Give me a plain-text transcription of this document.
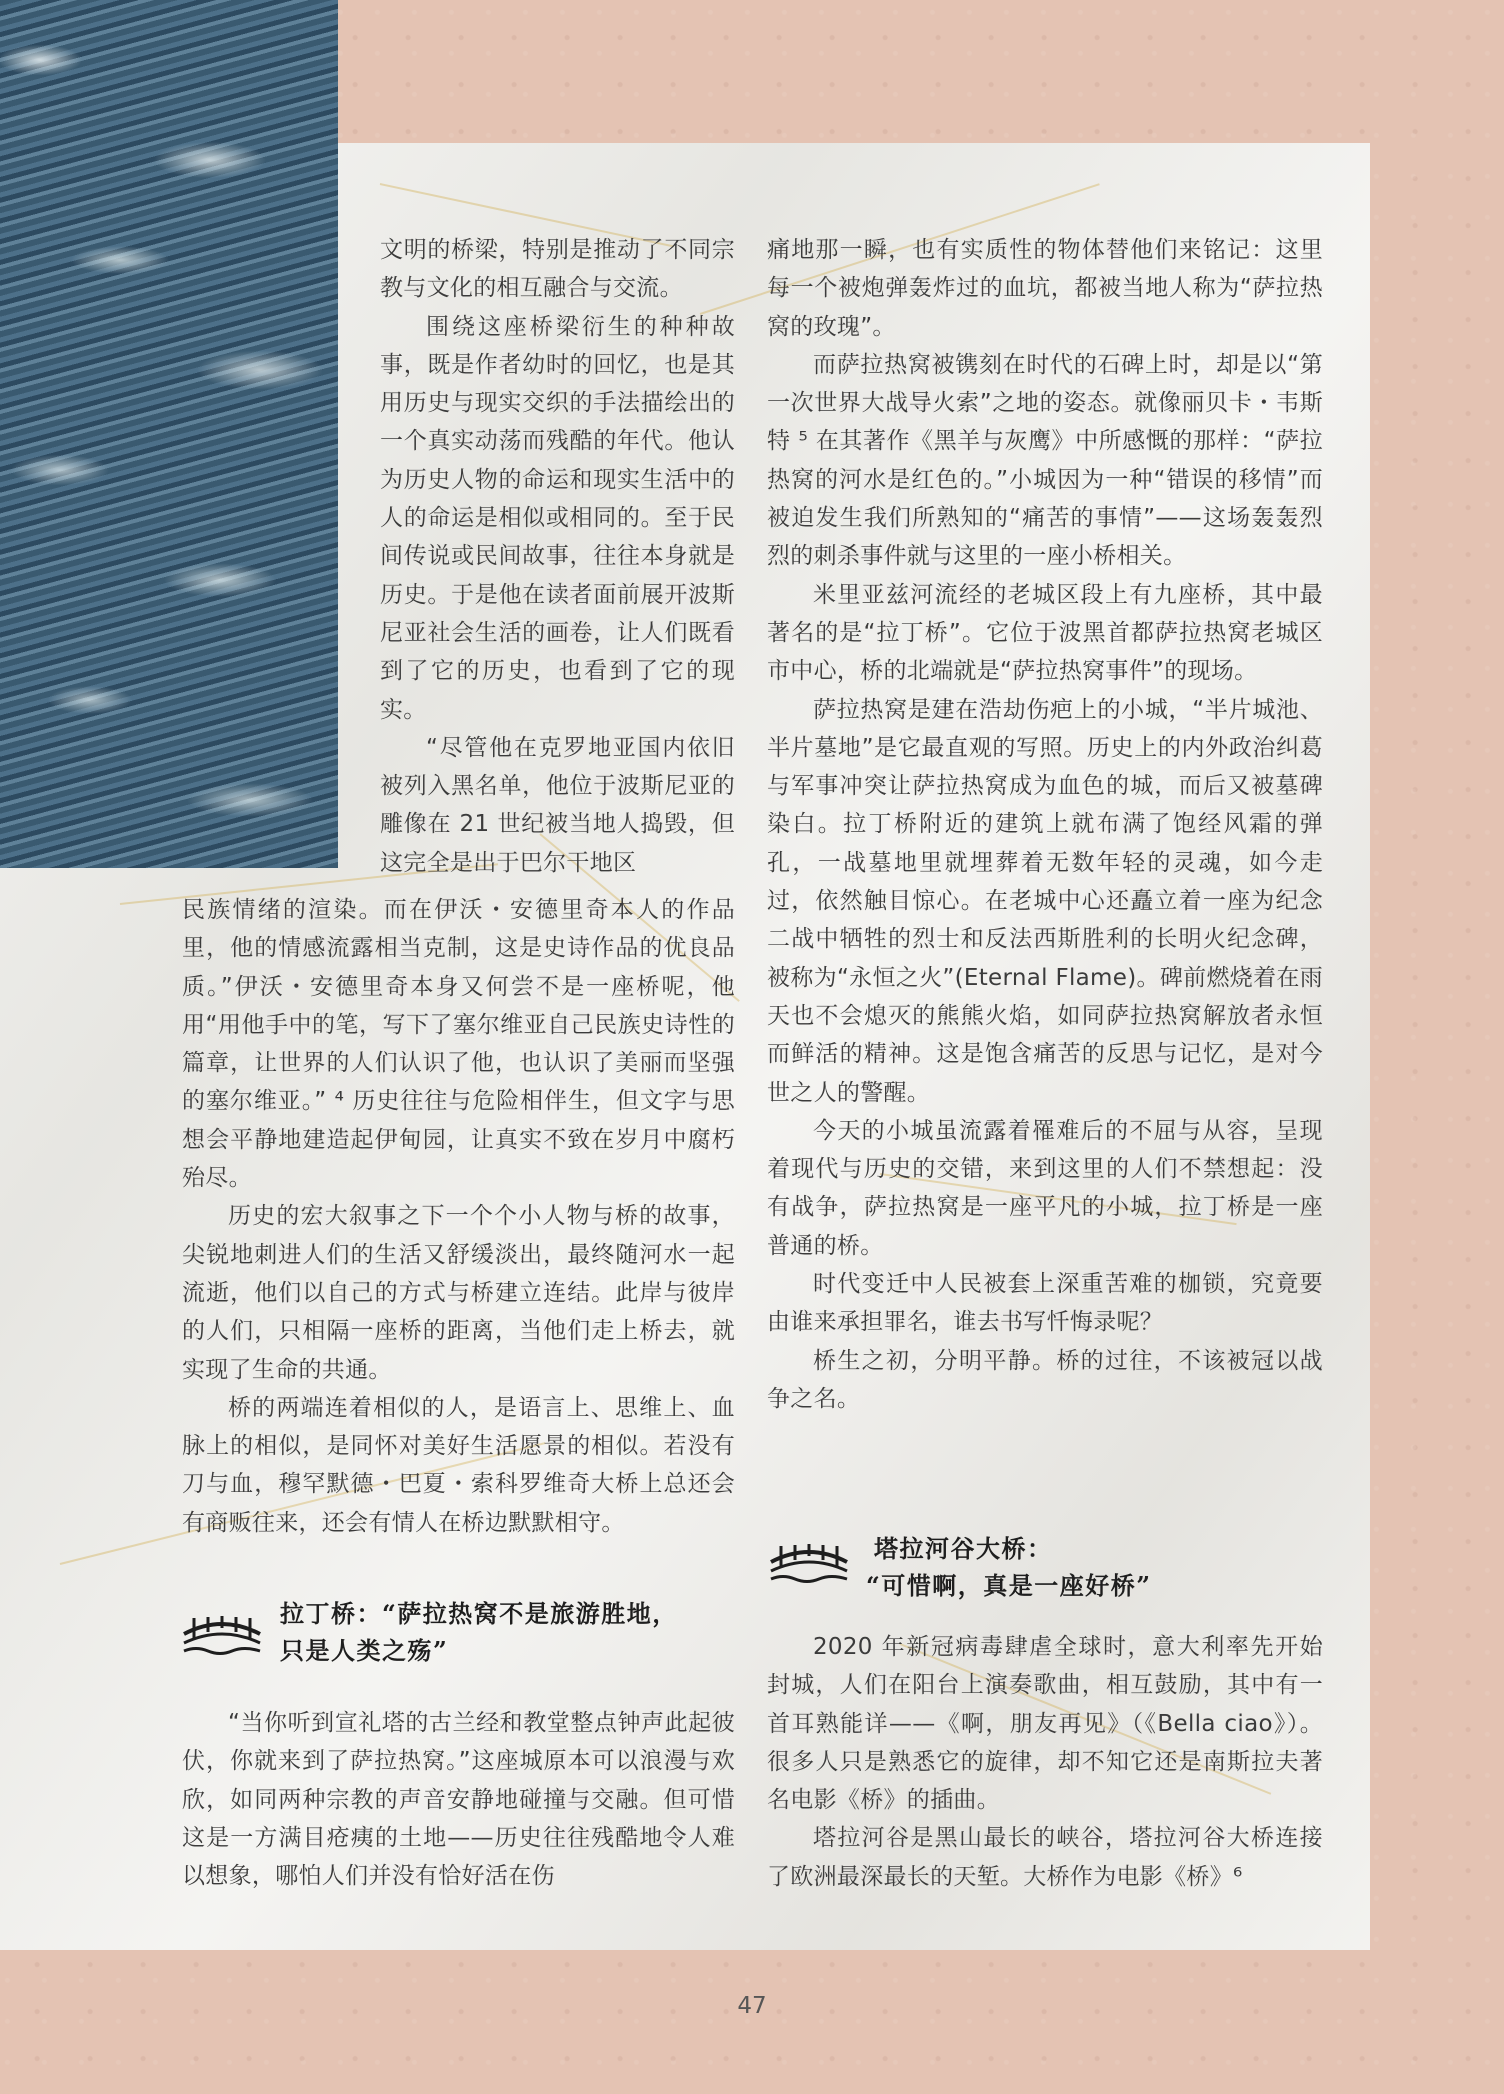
文明的桥梁，特别是推动了不同宗教与文化的相互融合与交流。

围绕这座桥梁衍生的种种故事，既是作者幼时的回忆，也是其用历史与现实交织的手法描绘出的一个真实动荡而残酷的年代。他认为历史人物的命运和现实生活中的人的命运是相似或相同的。至于民间传说或民间故事，往往本身就是历史。于是他在读者面前展开波斯尼亚社会生活的画卷，让人们既看到了它的历史，也看到了它的现实。

“尽管他在克罗地亚国内依旧被列入黑名单，他位于波斯尼亚的雕像在 21 世纪被当地人捣毁，但这完全是出于巴尔干地区

民族情绪的渲染。而在伊沃・安德里奇本人的作品里，他的情感流露相当克制，这是史诗作品的优良品质。”伊沃・安德里奇本身又何尝不是一座桥呢，他用“用他手中的笔，写下了塞尔维亚自己民族史诗性的篇章，让世界的人们认识了他，也认识了美丽而坚强的塞尔维亚。” ⁴ 历史往往与危险相伴生，但文字与思想会平静地建造起伊甸园，让真实不致在岁月中腐朽殆尽。

历史的宏大叙事之下一个个小人物与桥的故事，尖锐地刺进人们的生活又舒缓淡出，最终随河水一起流逝，他们以自己的方式与桥建立连结。此岸与彼岸的人们，只相隔一座桥的距离，当他们走上桥去，就实现了生命的共通。

桥的两端连着相似的人，是语言上、思维上、血脉上的相似，是同怀对美好生活愿景的相似。若没有刀与血，穆罕默德・巴夏・索科罗维奇大桥上总还会有商贩往来，还会有情人在桥边默默相守。

拉丁桥：“萨拉热窝不是旅游胜地，
只是人类之殇”

“当你听到宣礼塔的古兰经和教堂整点钟声此起彼伏，你就来到了萨拉热窝。”这座城原本可以浪漫与欢欣，如同两种宗教的声音安静地碰撞与交融。但可惜这是一方满目疮痍的土地——历史往往残酷地令人难以想象，哪怕人们并没有恰好活在伤

痛地那一瞬，也有实质性的物体替他们来铭记：这里每一个被炮弹轰炸过的血坑，都被当地人称为“萨拉热窝的玫瑰”。

而萨拉热窝被镌刻在时代的石碑上时，却是以“第一次世界大战导火索”之地的姿态。就像丽贝卡・韦斯特 ⁵ 在其著作《黑羊与灰鹰》中所感慨的那样：“萨拉热窝的河水是红色的。”小城因为一种“错误的移情”而被迫发生我们所熟知的“痛苦的事情”——这场轰轰烈烈的刺杀事件就与这里的一座小桥相关。

米里亚兹河流经的老城区段上有九座桥，其中最著名的是“拉丁桥”。它位于波黑首都萨拉热窝老城区市中心，桥的北端就是“萨拉热窝事件”的现场。

萨拉热窝是建在浩劫伤疤上的小城，“半片城池、半片墓地”是它最直观的写照。历史上的内外政治纠葛与军事冲突让萨拉热窝成为血色的城，而后又被墓碑染白。拉丁桥附近的建筑上就布满了饱经风霜的弹孔，一战墓地里就埋葬着无数年轻的灵魂，如今走过，依然触目惊心。在老城中心还矗立着一座为纪念二战中牺牲的烈士和反法西斯胜利的长明火纪念碑，被称为“永恒之火”(Eternal Flame)。碑前燃烧着在雨天也不会熄灭的熊熊火焰，如同萨拉热窝解放者永恒而鲜活的精神。这是饱含痛苦的反思与记忆，是对今世之人的警醒。

今天的小城虽流露着罹难后的不屈与从容，呈现着现代与历史的交错，来到这里的人们不禁想起：没有战争，萨拉热窝是一座平凡的小城，拉丁桥是一座普通的桥。

时代变迁中人民被套上深重苦难的枷锁，究竟要由谁来承担罪名，谁去书写忏悔录呢？

桥生之初，分明平静。桥的过往，不该被冠以战争之名。

塔拉河谷大桥：
“可惜啊，真是一座好桥”

2020 年新冠病毒肆虐全球时，意大利率先开始封城，人们在阳台上演奏歌曲，相互鼓励，其中有一首耳熟能详——《啊，朋友再见》（《Bella ciao》）。很多人只是熟悉它的旋律，却不知它还是南斯拉夫著名电影《桥》的插曲。

塔拉河谷是黑山最长的峡谷，塔拉河谷大桥连接了欧洲最深最长的天堑。大桥作为电影《桥》⁶

47
